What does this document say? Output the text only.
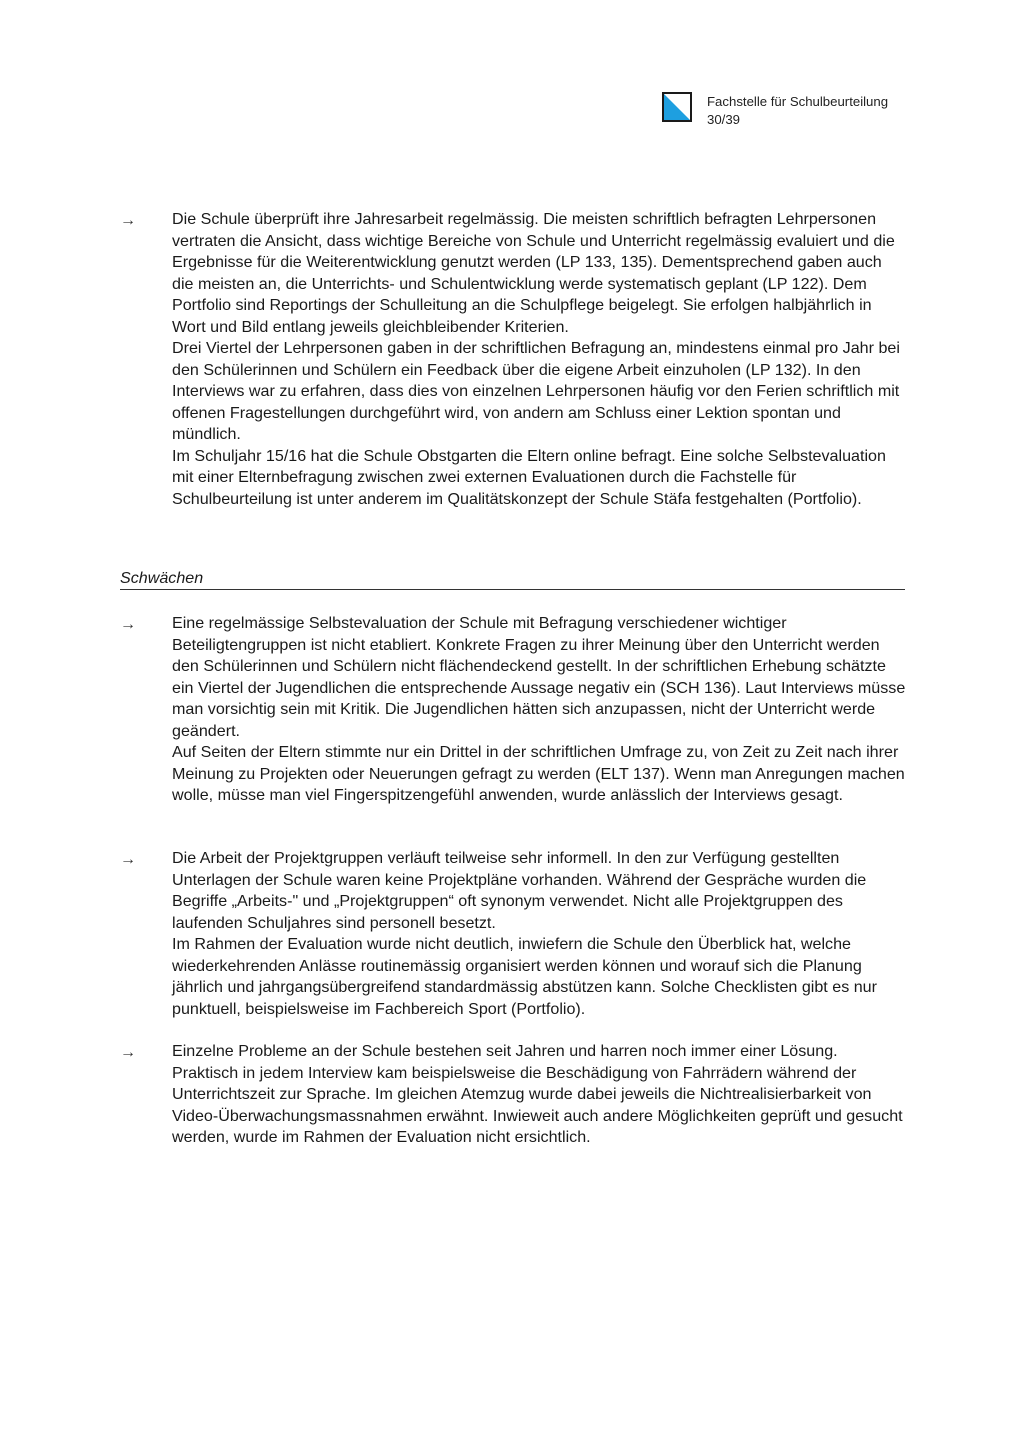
Fachstelle für Schulbeurteilung
30/39
→ Die Schule überprüft ihre Jahresarbeit regelmässig. Die meisten schriftlich befragten Lehrpersonen vertraten die Ansicht, dass wichtige Bereiche von Schule und Unterricht regelmässig evaluiert und die Ergebnisse für die Weiterentwicklung genutzt werden (LP 133, 135). Dementsprechend gaben auch die meisten an, die Unterrichts- und Schulentwicklung werde systematisch geplant (LP 122). Dem Portfolio sind Reportings der Schulleitung an die Schulpflege beigelegt. Sie erfolgen halbjährlich in Wort und Bild entlang jeweils gleichbleibender Kriterien.

Drei Viertel der Lehrpersonen gaben in der schriftlichen Befragung an, mindestens einmal pro Jahr bei den Schülerinnen und Schülern ein Feedback über die eigene Arbeit einzuholen (LP 132). In den Interviews war zu erfahren, dass dies von einzelnen Lehrpersonen häufig vor den Ferien schriftlich mit offenen Fragestellungen durchgeführt wird, von andern am Schluss einer Lektion spontan und mündlich.

Im Schuljahr 15/16 hat die Schule Obstgarten die Eltern online befragt. Eine solche Selbstevaluation mit einer Elternbefragung zwischen zwei externen Evaluationen durch die Fachstelle für Schulbeurteilung ist unter anderem im Qualitätskonzept der Schule Stäfa festgehalten (Portfolio).

Schwächen
→ Eine regelmässige Selbstevaluation der Schule mit Befragung verschiedener wichtiger Beteiligtengruppen ist nicht etabliert. Konkrete Fragen zu ihrer Meinung über den Unterricht werden den Schülerinnen und Schülern nicht flächendeckend gestellt. In der schriftlichen Erhebung schätzte ein Viertel der Jugendlichen die entsprechende Aussage negativ ein (SCH 136). Laut Interviews müsse man vorsichtig sein mit Kritik. Die Jugendlichen hätten sich anzupassen, nicht der Unterricht werde geändert.

Auf Seiten der Eltern stimmte nur ein Drittel in der schriftlichen Umfrage zu, von Zeit zu Zeit nach ihrer Meinung zu Projekten oder Neuerungen gefragt zu werden (ELT 137). Wenn man Anregungen machen wolle, müsse man viel Fingerspitzengefühl anwenden, wurde anlässlich der Interviews gesagt.

→ Die Arbeit der Projektgruppen verläuft teilweise sehr informell. In den zur Verfügung gestellten Unterlagen der Schule waren keine Projektpläne vorhanden. Während der Gespräche wurden die Begriffe „Arbeits-" und „Projektgruppen“ oft synonym verwendet. Nicht alle Projektgruppen des laufenden Schuljahres sind personell besetzt.

Im Rahmen der Evaluation wurde nicht deutlich, inwiefern die Schule den Überblick hat, welche wiederkehrenden Anlässe routinemässig organisiert werden können und worauf sich die Planung jährlich und jahrgangsübergreifend standardmässig abstützen kann. Solche Checklisten gibt es nur punktuell, beispielsweise im Fachbereich Sport (Portfolio).

→ Einzelne Probleme an der Schule bestehen seit Jahren und harren noch immer einer Lösung. Praktisch in jedem Interview kam beispielsweise die Beschädigung von Fahrrädern während der Unterrichtszeit zur Sprache. Im gleichen Atemzug wurde dabei jeweils die Nichtrealisierbarkeit von Video-Überwachungsmassnahmen erwähnt. Inwieweit auch andere Möglichkeiten geprüft und gesucht werden, wurde im Rahmen der Evaluation nicht ersichtlich.
